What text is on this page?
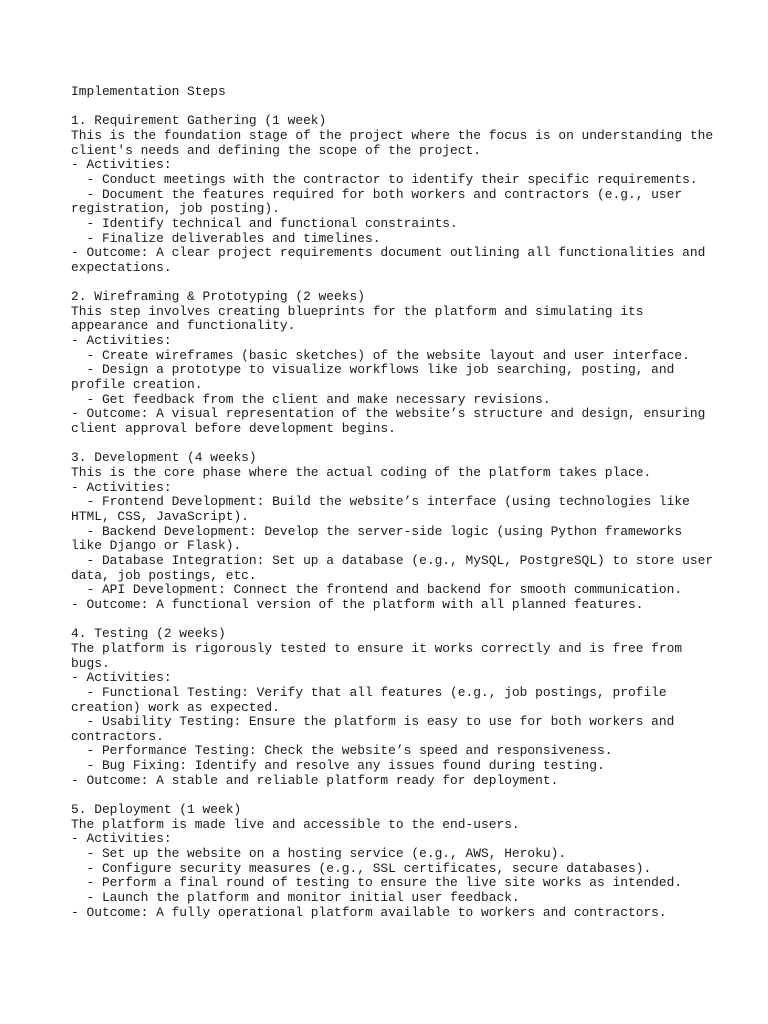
Implementation Steps
1. Requirement Gathering (1 week)
This is the foundation stage of the project where the focus is on understanding the
client's needs and defining the scope of the project.
- Activities:
- Conduct meetings with the contractor to identify their specific requirements.
- Document the features required for both workers and contractors (e.g., user
registration, job posting).
- Identify technical and functional constraints.
- Finalize deliverables and timelines.
- Outcome: A clear project requirements document outlining all functionalities and
expectations.
2. Wireframing & Prototyping (2 weeks)
This step involves creating blueprints for the platform and simulating its
appearance and functionality.
- Activities:
- Create wireframes (basic sketches) of the website layout and user interface.
- Design a prototype to visualize workflows like job searching, posting, and
profile creation.
- Get feedback from the client and make necessary revisions.
- Outcome: A visual representation of the website’s structure and design, ensuring
client approval before development begins.
3. Development (4 weeks)
This is the core phase where the actual coding of the platform takes place.
- Activities:
- Frontend Development: Build the website’s interface (using technologies like
HTML, CSS, JavaScript).
- Backend Development: Develop the server-side logic (using Python frameworks
like Django or Flask).
- Database Integration: Set up a database (e.g., MySQL, PostgreSQL) to store user
data, job postings, etc.
- API Development: Connect the frontend and backend for smooth communication.
- Outcome: A functional version of the platform with all planned features.
4. Testing (2 weeks)
The platform is rigorously tested to ensure it works correctly and is free from
bugs.
- Activities:
- Functional Testing: Verify that all features (e.g., job postings, profile
creation) work as expected.
- Usability Testing: Ensure the platform is easy to use for both workers and
contractors.
- Performance Testing: Check the website’s speed and responsiveness.
- Bug Fixing: Identify and resolve any issues found during testing.
- Outcome: A stable and reliable platform ready for deployment.
5. Deployment (1 week)
The platform is made live and accessible to the end-users.
- Activities:
- Set up the website on a hosting service (e.g., AWS, Heroku).
- Configure security measures (e.g., SSL certificates, secure databases).
- Perform a final round of testing to ensure the live site works as intended.
- Launch the platform and monitor initial user feedback.
- Outcome: A fully operational platform available to workers and contractors.
